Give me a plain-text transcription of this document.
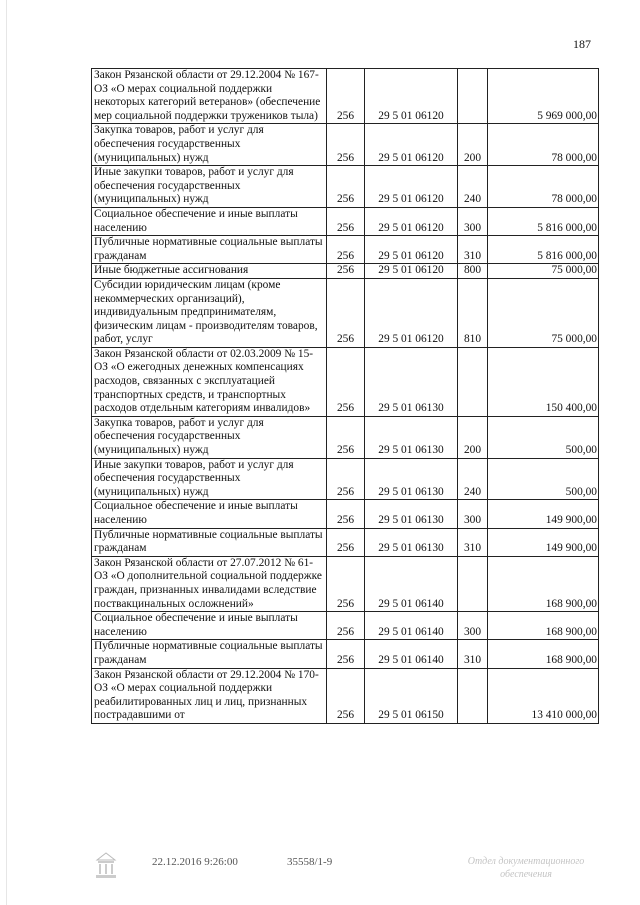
187
Закон Рязанской области от 29.12.2004 № 167-ОЗ «О мерах социальной поддержки некоторых категорий ветеранов» (обеспечение мер социальной поддержки тружеников тыла)	256	29 5 01 06120		5 969 000,00
Закупка товаров, работ и услуг для обеспечения государственных (муниципальных) нужд	256	29 5 01 06120	200	78 000,00
Иные закупки товаров, работ и услуг для обеспечения государственных (муниципальных) нужд	256	29 5 01 06120	240	78 000,00
Социальное обеспечение и иные выплаты населению	256	29 5 01 06120	300	5 816 000,00
Публичные нормативные социальные выплаты гражданам	256	29 5 01 06120	310	5 816 000,00
Иные бюджетные ассигнования	256	29 5 01 06120	800	75 000,00
Субсидии юридическим лицам (кроме некоммерческих организаций), индивидуальным предпринимателям, физическим лицам - производителям товаров, работ, услуг	256	29 5 01 06120	810	75 000,00
Закон Рязанской области от 02.03.2009 № 15-ОЗ «О ежегодных денежных компенсациях расходов, связанных с эксплуатацией транспортных средств, и транспортных расходов отдельным категориям инвалидов»	256	29 5 01 06130		150 400,00
Закупка товаров, работ и услуг для обеспечения государственных (муниципальных) нужд	256	29 5 01 06130	200	500,00
Иные закупки товаров, работ и услуг для обеспечения государственных (муниципальных) нужд	256	29 5 01 06130	240	500,00
Социальное обеспечение и иные выплаты населению	256	29 5 01 06130	300	149 900,00
Публичные нормативные социальные выплаты гражданам	256	29 5 01 06130	310	149 900,00
Закон Рязанской области от 27.07.2012 № 61-ОЗ «О дополнительной социальной поддержке граждан, признанных инвалидами вследствие поствакцинальных осложнений»	256	29 5 01 06140		168 900,00
Социальное обеспечение и иные выплаты населению	256	29 5 01 06140	300	168 900,00
Публичные нормативные социальные выплаты гражданам	256	29 5 01 06140	310	168 900,00
Закон Рязанской области от 29.12.2004 № 170-ОЗ «О мерах социальной поддержки реабилитированных лиц и лиц, признанных пострадавшими от	256	29 5 01 06150		13 410 000,00
22.12.2016 9:26:00	35558/1-9	Отдел документационного обеспечения
